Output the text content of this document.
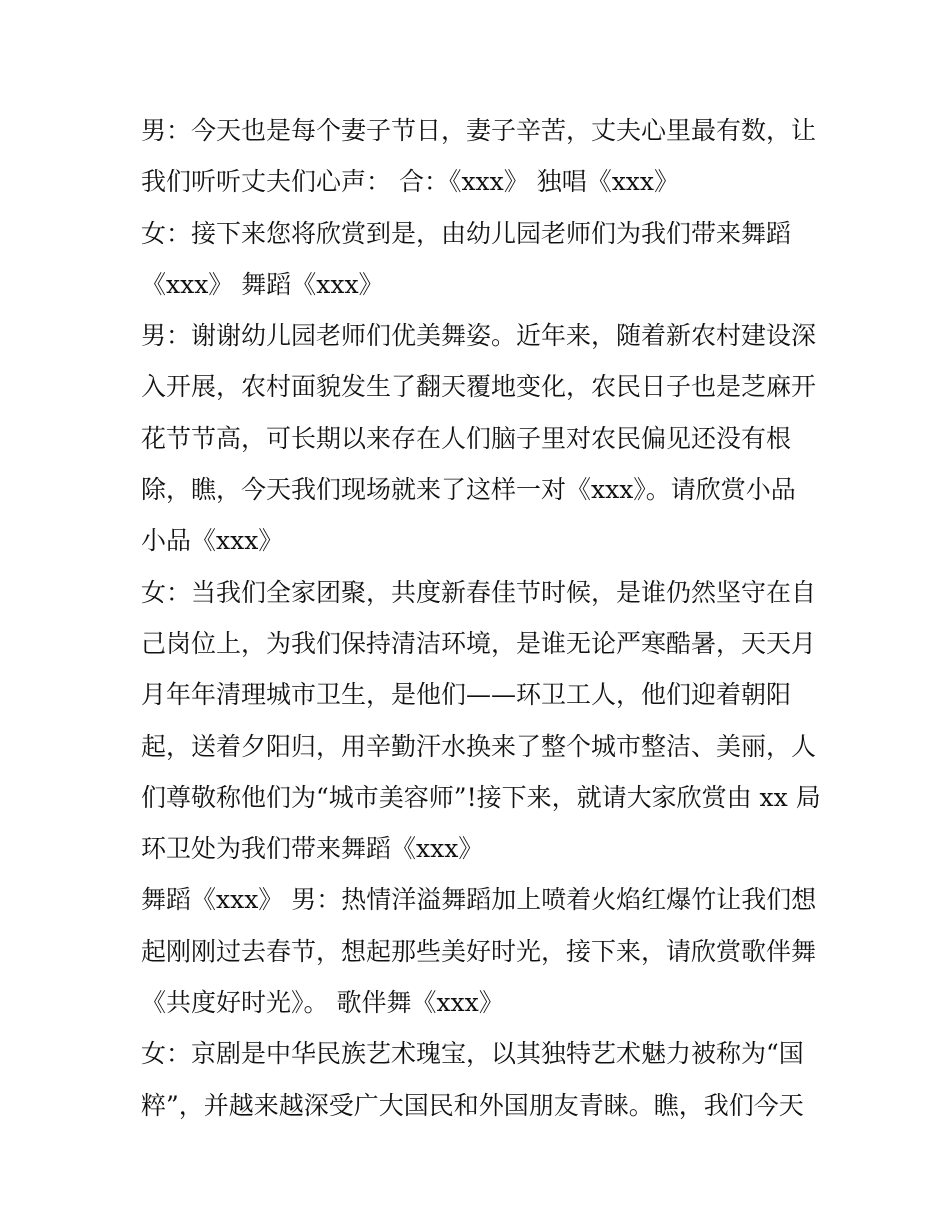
男：今天也是每个妻子节日，妻子辛苦，丈夫心里最有数，让
我们听听丈夫们心声： 合：《xxx》 独唱《xxx》
女：接下来您将欣赏到是，由幼儿园老师们为我们带来舞蹈
《xxx》 舞蹈《xxx》
男：谢谢幼儿园老师们优美舞姿。近年来，随着新农村建设深
入开展，农村面貌发生了翻天覆地变化，农民日子也是芝麻开
花节节高，可长期以来存在人们脑子里对农民偏见还没有根
除，瞧，今天我们现场就来了这样一对《xxx》。请欣赏小品
小品《xxx》
女：当我们全家团聚，共度新春佳节时候，是谁仍然坚守在自
己岗位上，为我们保持清洁环境，是谁无论严寒酷暑，天天月
月年年清理城市卫生，是他们——环卫工人，他们迎着朝阳
起，送着夕阳归，用辛勤汗水换来了整个城市整洁、美丽，人
们尊敬称他们为“城市美容师”!接下来，就请大家欣赏由 xx 局
环卫处为我们带来舞蹈《xxx》
舞蹈《xxx》 男：热情洋溢舞蹈加上喷着火焰红爆竹让我们想
起刚刚过去春节，想起那些美好时光，接下来，请欣赏歌伴舞
《共度好时光》。 歌伴舞《xxx》
女：京剧是中华民族艺术瑰宝，以其独特艺术魅力被称为“国
粹”，并越来越深受广大国民和外国朋友青睐。瞧，我们今天
